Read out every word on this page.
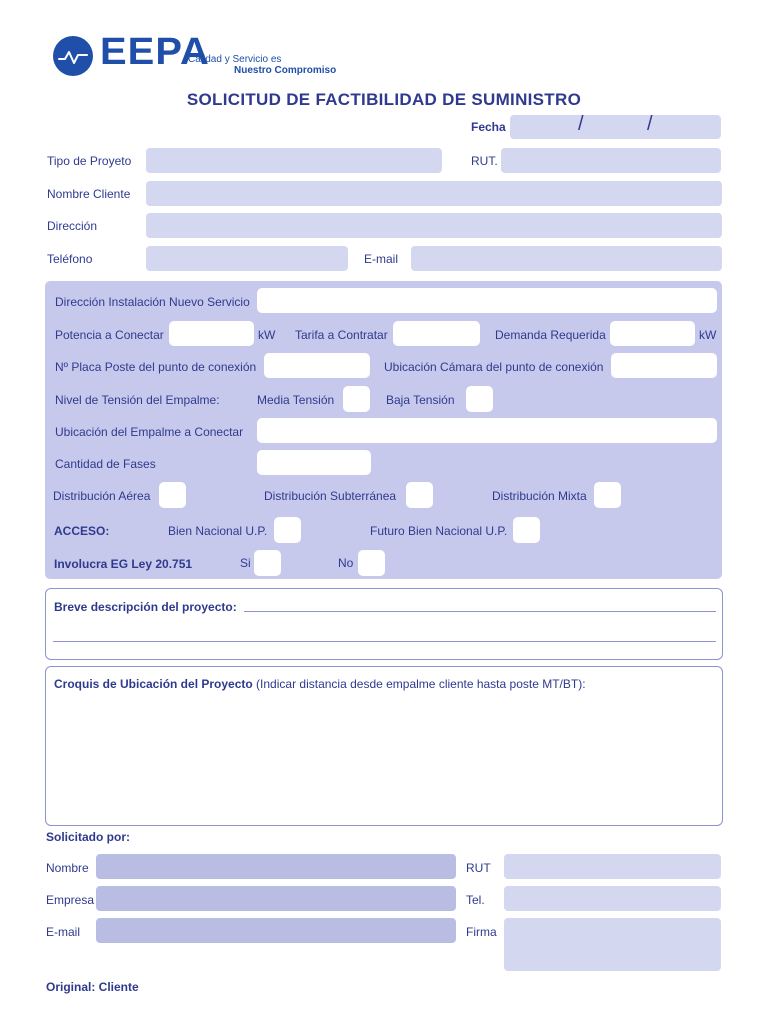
EEPA
Calidad y Servicio es
Nuestro Compromiso
SOLICITUD DE FACTIBILIDAD DE SUMINISTRO
Fecha	/	/
Tipo de Proyeto	RUT.
Nombre Cliente
Dirección
Teléfono	E-mail
Dirección Instalación Nuevo Servicio
Potencia a Conectar	kW Tarifa a Contratar	Demanda Requerida	kW
Nº Placa Poste del punto de conexión	Ubicación Cámara del punto de conexión
Nivel de Tensión del Empalme:	Media Tensión	Baja Tensión
Ubicación del Empalme a Conectar
Cantidad de Fases
Distribución Aérea	Distribución Subterránea	Distribución Mixta
ACCESO:	Bien Nacional U.P.	Futuro Bien Nacional U.P.
Involucra EG Ley 20.751	Si	No
Breve descripción del proyecto:
Croquis de Ubicación del Proyecto (Indicar distancia desde empalme cliente hasta poste MT/BT):
Solicitado por:
Nombre	RUT
Empresa	Tel.
E-mail	Firma
Original: Cliente
